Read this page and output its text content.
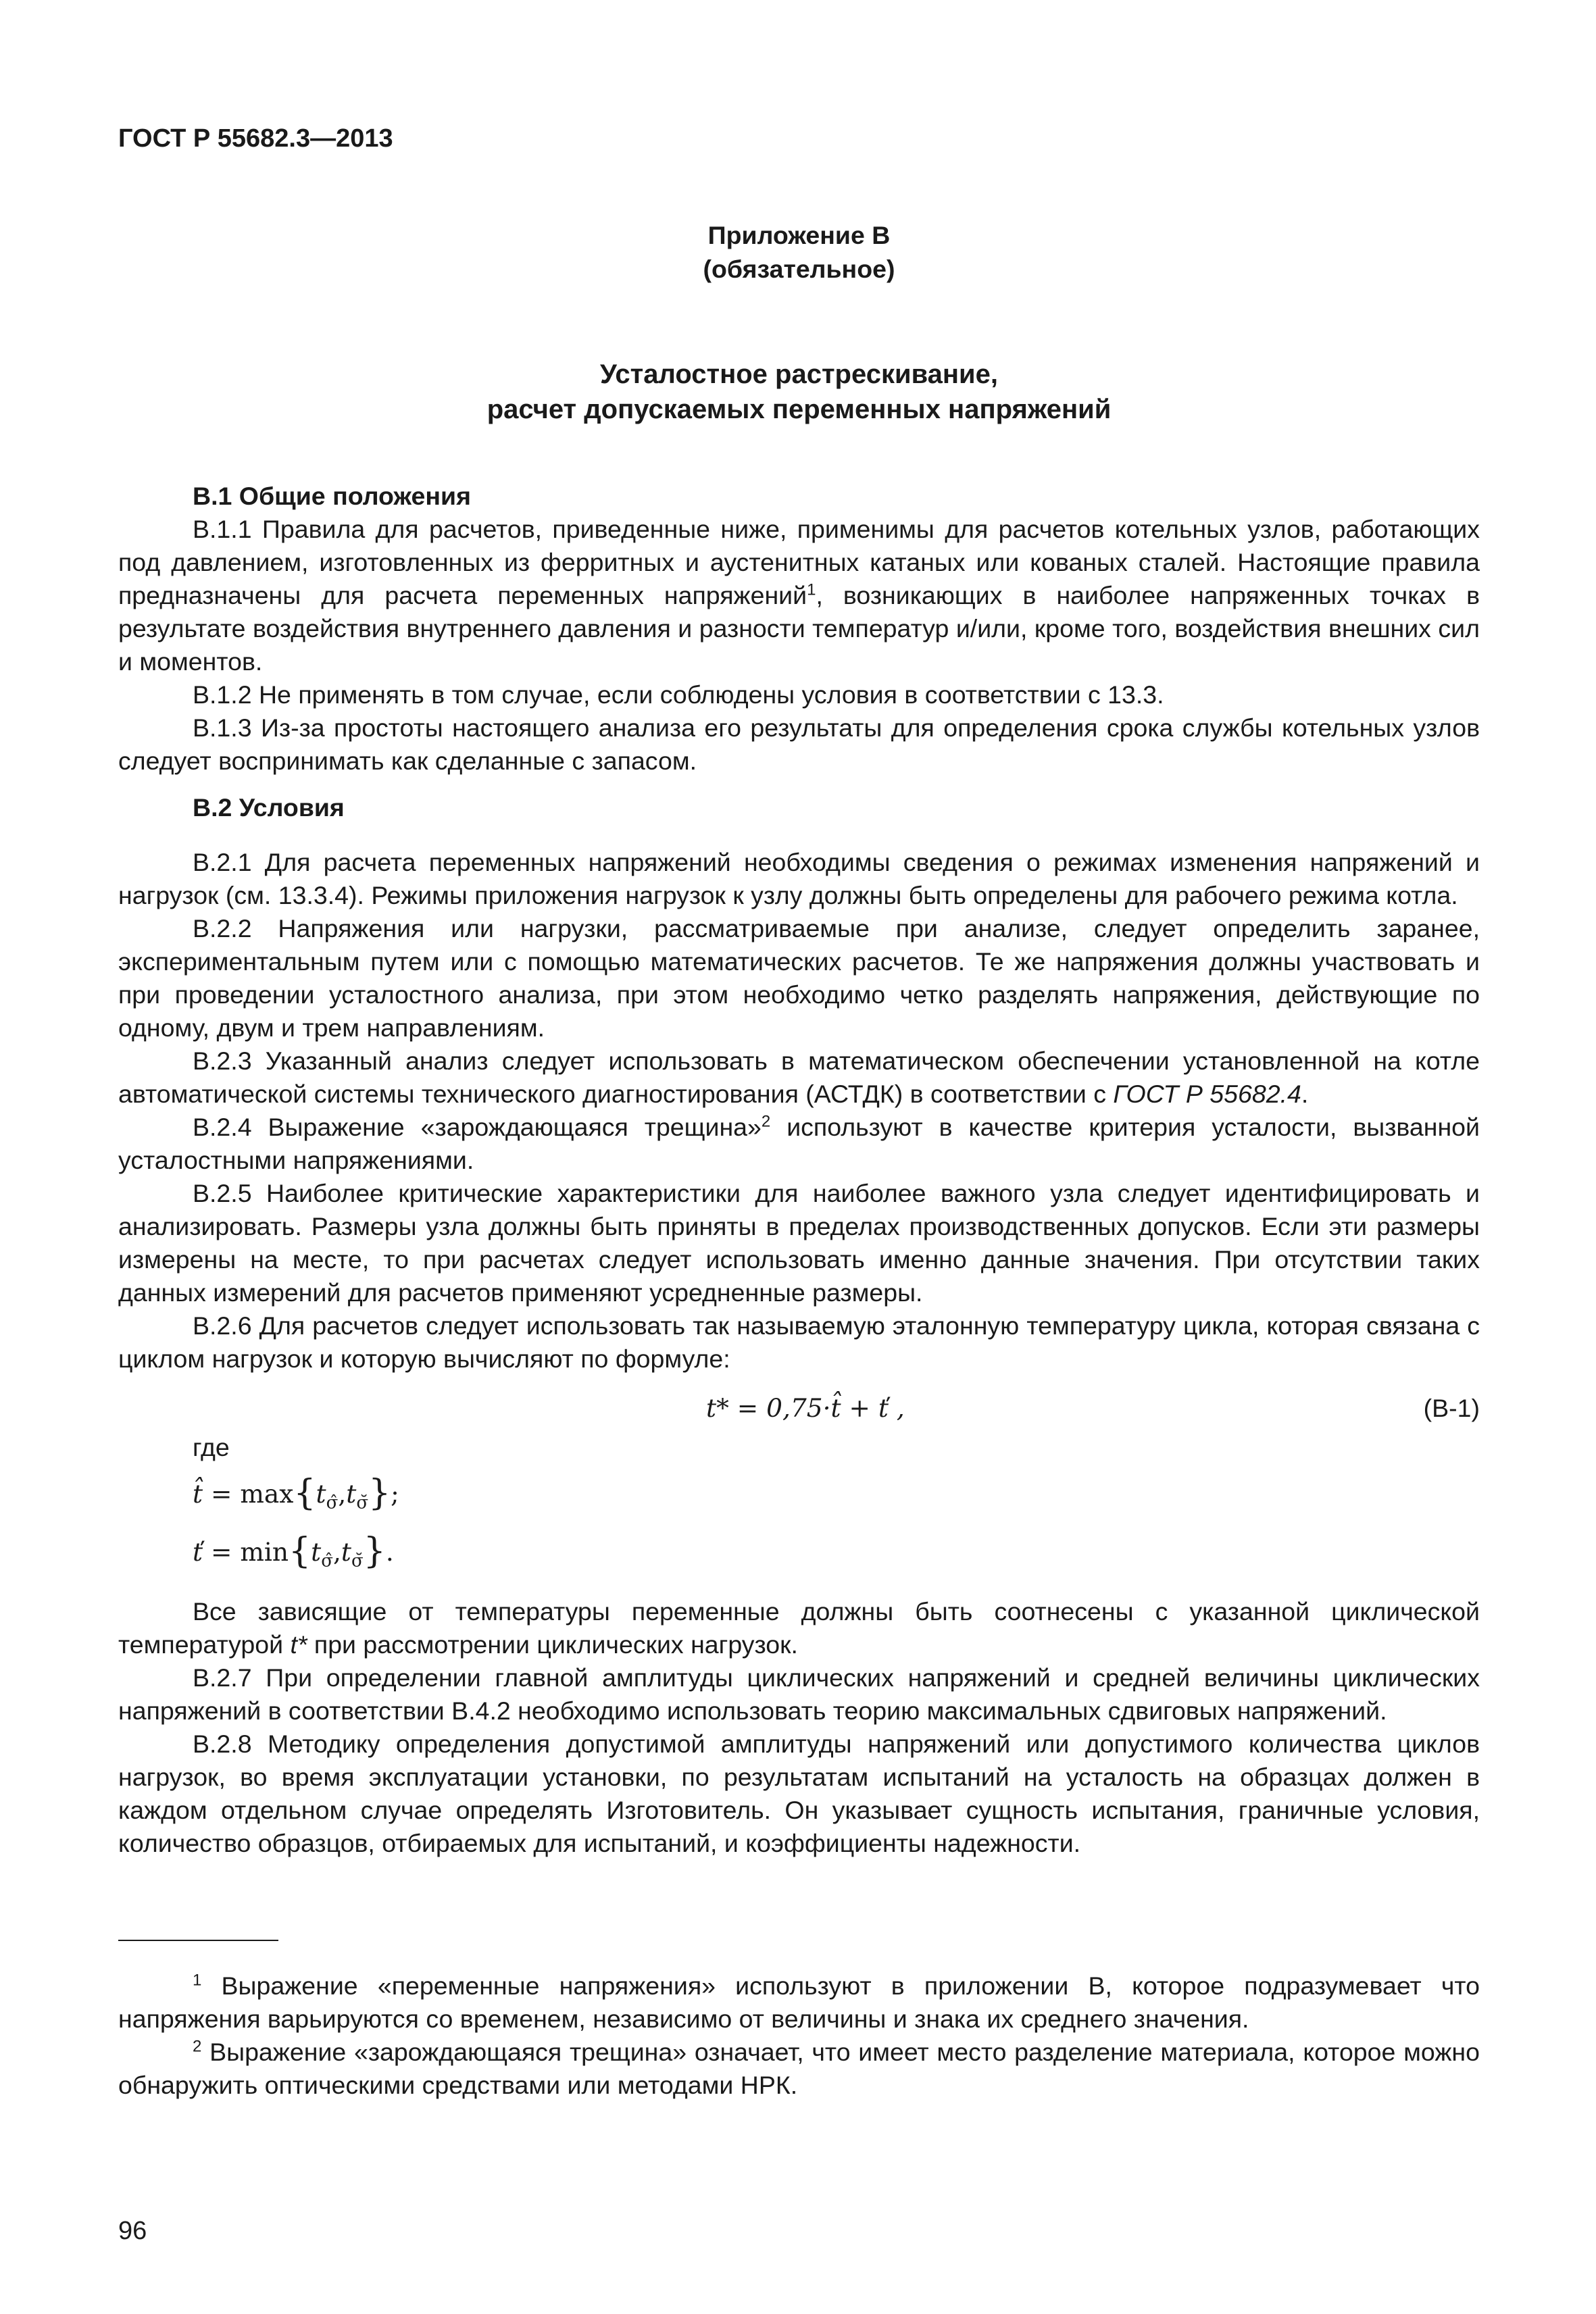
ГОСТ Р 55682.3—2013
Приложение В
(обязательное)
Усталостное растрескивание,
расчет допускаемых переменных напряжений
В.1 Общие положения

В.1.1 Правила для расчетов, приведенные ниже, применимы для расчетов котельных узлов, работающих под давлением, изготовленных из ферритных и аустенитных катаных или кованых сталей. Настоящие правила предназначены для расчета переменных напряжений$^1$, возникающих в наиболее напряженных точках в результате воздействия внутреннего давления и разности температур и/или, кроме того, воздействия внешних сил и моментов.

В.1.2 Не применять в том случае, если соблюдены условия в соответствии с 13.3.

В.1.3 Из-за простоты настоящего анализа его результаты для определения срока службы котельных узлов следует воспринимать как сделанные с запасом.

В.2 Условия

В.2.1 Для расчета переменных напряжений необходимы сведения о режимах изменения напряжений и нагрузок (см. 13.3.4). Режимы приложения нагрузок к узлу должны быть определены для рабочего режима котла.

В.2.2 Напряжения или нагрузки, рассматриваемые при анализе, следует определить заранее, экспериментальным путем или с помощью математических расчетов. Те же напряжения должны участвовать и при проведении усталостного анализа, при этом необходимо четко разделять напряжения, действующие по одному, двум и трем направлениям.

В.2.3 Указанный анализ следует использовать в математическом обеспечении установленной на котле автоматической системы технического диагностирования (АСТДК) в соответствии с ГОСТ Р 55682.4.

В.2.4 Выражение «зарождающаяся трещина»$^2$ используют в качестве критерия усталости, вызванной усталостными напряжениями.

В.2.5 Наиболее критические характеристики для наиболее важного узла следует идентифицировать и анализировать. Размеры узла должны быть приняты в пределах производственных допусков. Если эти размеры измерены на месте, то при расчетах следует использовать именно данные значения. При отсутствии таких данных измерений для расчетов применяют усредненные размеры.

В.2.6 Для расчетов следует использовать так называемую эталонную температуру цикла, которая связана с циклом нагрузок и которую вычисляют по формуле:

t* = 0,75·t̂ + ť ,	(В-1)
где
t̂ = $\max\{t_{\sigmâ},t_{\sigmă}\}$;
ť = $\min\{t_{\sigmâ},t_{\sigmă}\}$.

Все зависящие от температуры переменные должны быть соотнесены с указанной циклической температурой t* при рассмотрении циклических нагрузок.

В.2.7 При определении главной амплитуды циклических напряжений и средней величины циклических напряжений в соответствии В.4.2 необходимо использовать теорию максимальных сдвиговых напряжений.

В.2.8 Методику определения допустимой амплитуды напряжений или допустимого количества циклов нагрузок, во время эксплуатации установки, по результатам испытаний на усталость на образцах должен в каждом отдельном случае определять Изготовитель. Он указывает сущность испытания, граничные условия, количество образцов, отбираемых для испытаний, и коэффициенты надежности.

$^1$ Выражение «переменные напряжения» используют в приложении В, которое подразумевает что напряжения варьируются со временем, независимо от величины и знака их среднего значения.

$^2$ Выражение «зарождающаяся трещина» означает, что имеет место разделение материала, которое можно обнаружить оптическими средствами или методами НРК.

96
